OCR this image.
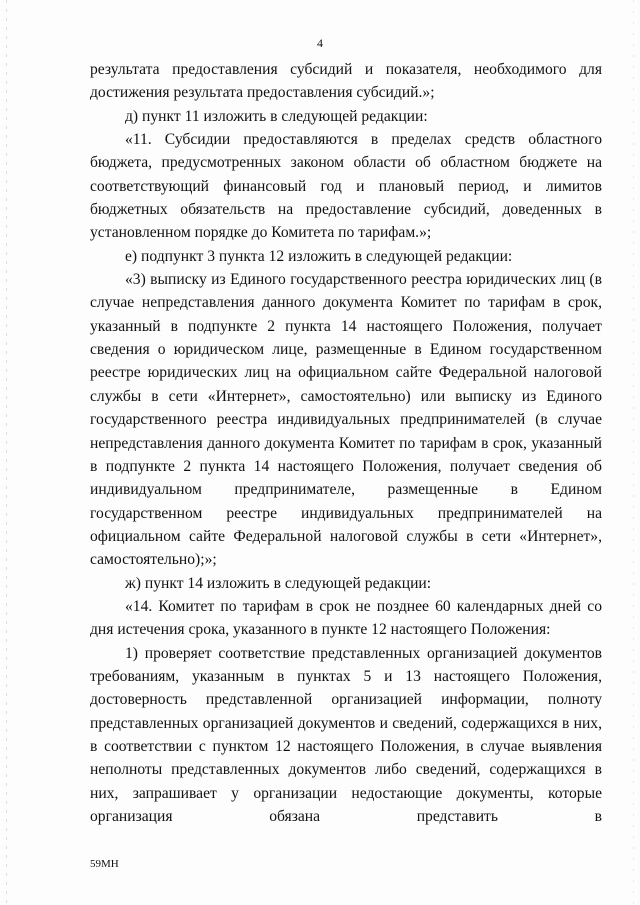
4

результата предоставления субсидий и показателя, необходимого для достижения результата предоставления субсидий.»;

д) пункт 11 изложить в следующей редакции:

«11. Субсидии предоставляются в пределах средств областного бюджета, предусмотренных законом области об областном бюджете на соответствующий финансовый год и плановый период, и лимитов бюджетных обязательств на предоставление субсидий, доведенных в установленном порядке до Комитета по тарифам.»;

е) подпункт 3 пункта 12 изложить в следующей редакции:

«3) выписку из Единого государственного реестра юридических лиц (в случае непредставления данного документа Комитет по тарифам в срок, указанный в подпункте 2 пункта 14 настоящего Положения, получает сведения о юридическом лице, размещенные в Едином государственном реестре юридических лиц на официальном сайте Федеральной налоговой службы в сети «Интернет», самостоятельно) или выписку из Единого государственного реестра индивидуальных предпринимателей (в случае непредставления данного документа Комитет по тарифам в срок, указанный в подпункте 2 пункта 14 настоящего Положения, получает сведения об индивидуальном предпринимателе, размещенные в Едином государственном реестре индивидуальных предпринимателей на официальном сайте Федеральной налоговой службы в сети «Интернет», самостоятельно);»;

ж) пункт 14 изложить в следующей редакции:

«14. Комитет по тарифам в срок не позднее 60 календарных дней со дня истечения срока, указанного в пункте 12 настоящего Положения:

1) проверяет соответствие представленных организацией документов требованиям, указанным в пунктах 5 и 13 настоящего Положения, достоверность представленной организацией информации, полноту представленных организацией документов и сведений, содержащихся в них, в соответствии с пунктом 12 настоящего Положения, в случае выявления неполноты представленных документов либо сведений, содержащихся в них, запрашивает у организации недостающие документы, которые организация обязана представить в

59МН
